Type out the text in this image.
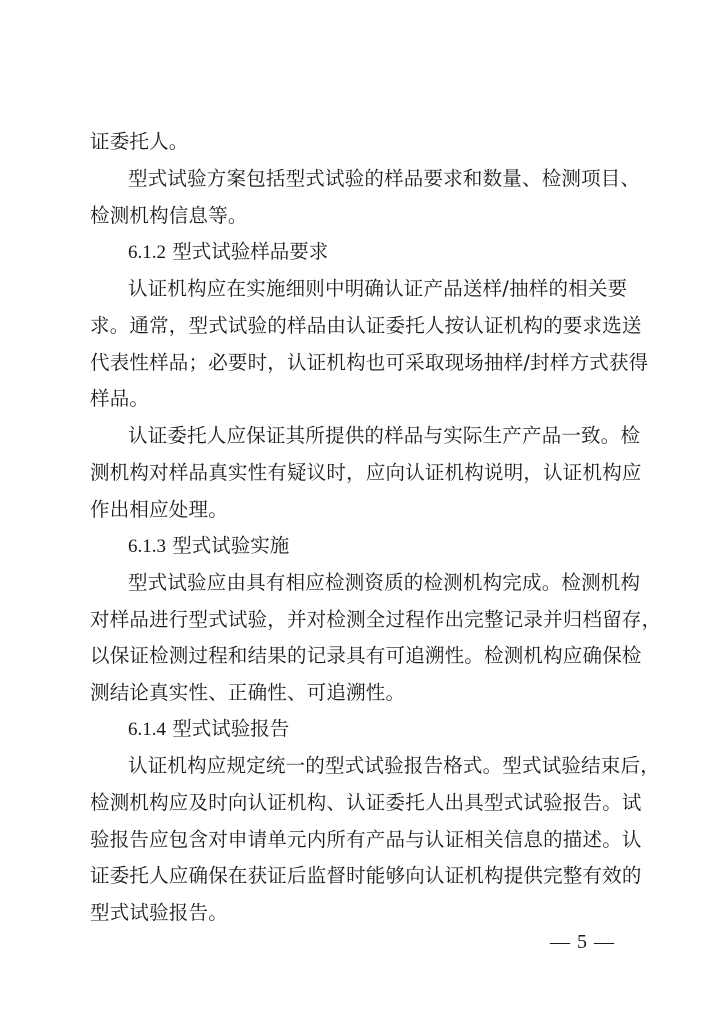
证委托人。
型式试验方案包括型式试验的样品要求和数量、检测项目、
检测机构信息等。
6.1.2 型式试验样品要求
认证机构应在实施细则中明确认证产品送样/抽样的相关要
求。通常，型式试验的样品由认证委托人按认证机构的要求选送
代表性样品；必要时，认证机构也可采取现场抽样/封样方式获得
样品。
认证委托人应保证其所提供的样品与实际生产产品一致。检
测机构对样品真实性有疑议时，应向认证机构说明，认证机构应
作出相应处理。
6.1.3 型式试验实施
型式试验应由具有相应检测资质的检测机构完成。检测机构
对样品进行型式试验，并对检测全过程作出完整记录并归档留存，
以保证检测过程和结果的记录具有可追溯性。检测机构应确保检
测结论真实性、正确性、可追溯性。
6.1.4 型式试验报告
认证机构应规定统一的型式试验报告格式。型式试验结束后，
检测机构应及时向认证机构、认证委托人出具型式试验报告。试
验报告应包含对申请单元内所有产品与认证相关信息的描述。认
证委托人应确保在获证后监督时能够向认证机构提供完整有效的
型式试验报告。
— 5 —
